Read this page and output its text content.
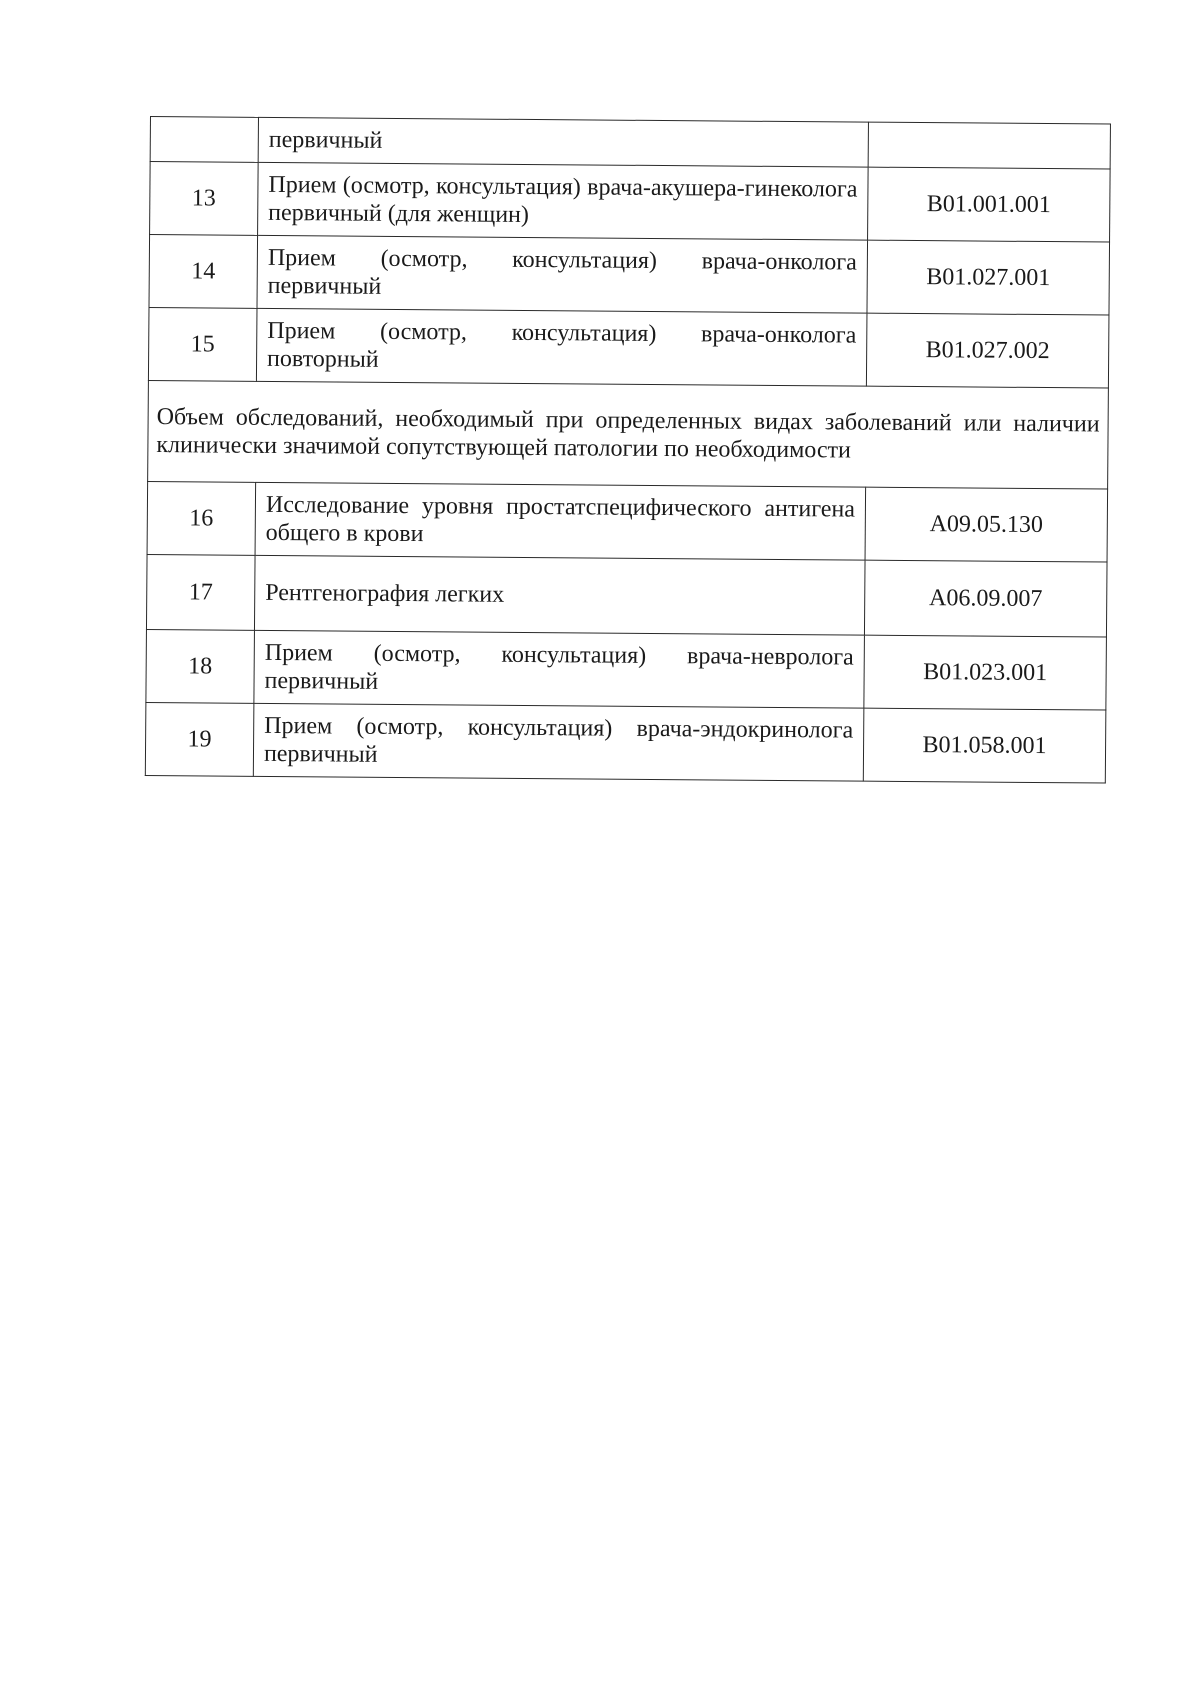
	первичный	
13	Прием (осмотр, консультация) врача-акушера-гинеколога первичный (для женщин)	B01.001.001
14	Прием (осмотр, консультация) врача-онколога первичный	B01.027.001
15	Прием (осмотр, консультация) врача-онколога повторный	B01.027.002
Объем обследований, необходимый при определенных видах заболеваний или наличии клинически значимой сопутствующей патологии по необходимости		
16	Исследование уровня простатспецифического антигена общего в крови	A09.05.130
17	Рентгенография легких	A06.09.007
18	Прием (осмотр, консультация) врача-невролога первичный	B01.023.001
19	Прием (осмотр, консультация) врача-эндокринолога первичный	B01.058.001
